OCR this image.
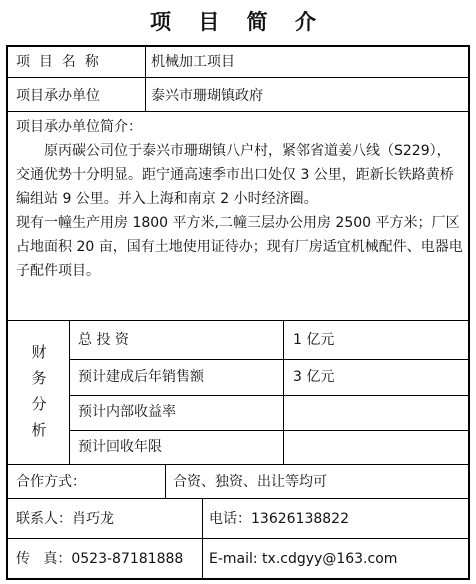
项 目 简 介
项  目  名  称	机械加工项目
项目承办单位	泰兴市珊瑚镇政府

项目承办单位简介：

原丙碳公司位于泰兴市珊瑚镇八户村，紧邻省道姜八线（S229），交通优势十分明显。距宁通高速季市出口处仅 3 公里，距新长铁路黄桥编组站 9 公里。并入上海和南京 2 小时经济圈。

现有一幢生产用房 1800 平方米,二幢三层办公用房 2500 平方米；厂区占地面积 20 亩，国有土地使用证待办；现有厂房适宜机械配件、电器电子配件项目。

财务分析
总 投 资	1 亿元
预计建成后年销售额	3 亿元
预计内部收益率
预计回收年限
合作方式：	合资、独资、出让等均可
联系人：肖巧龙	电话：13626138822
传   真：0523-87181888 E-mail: tx.cdgyy@163.com
